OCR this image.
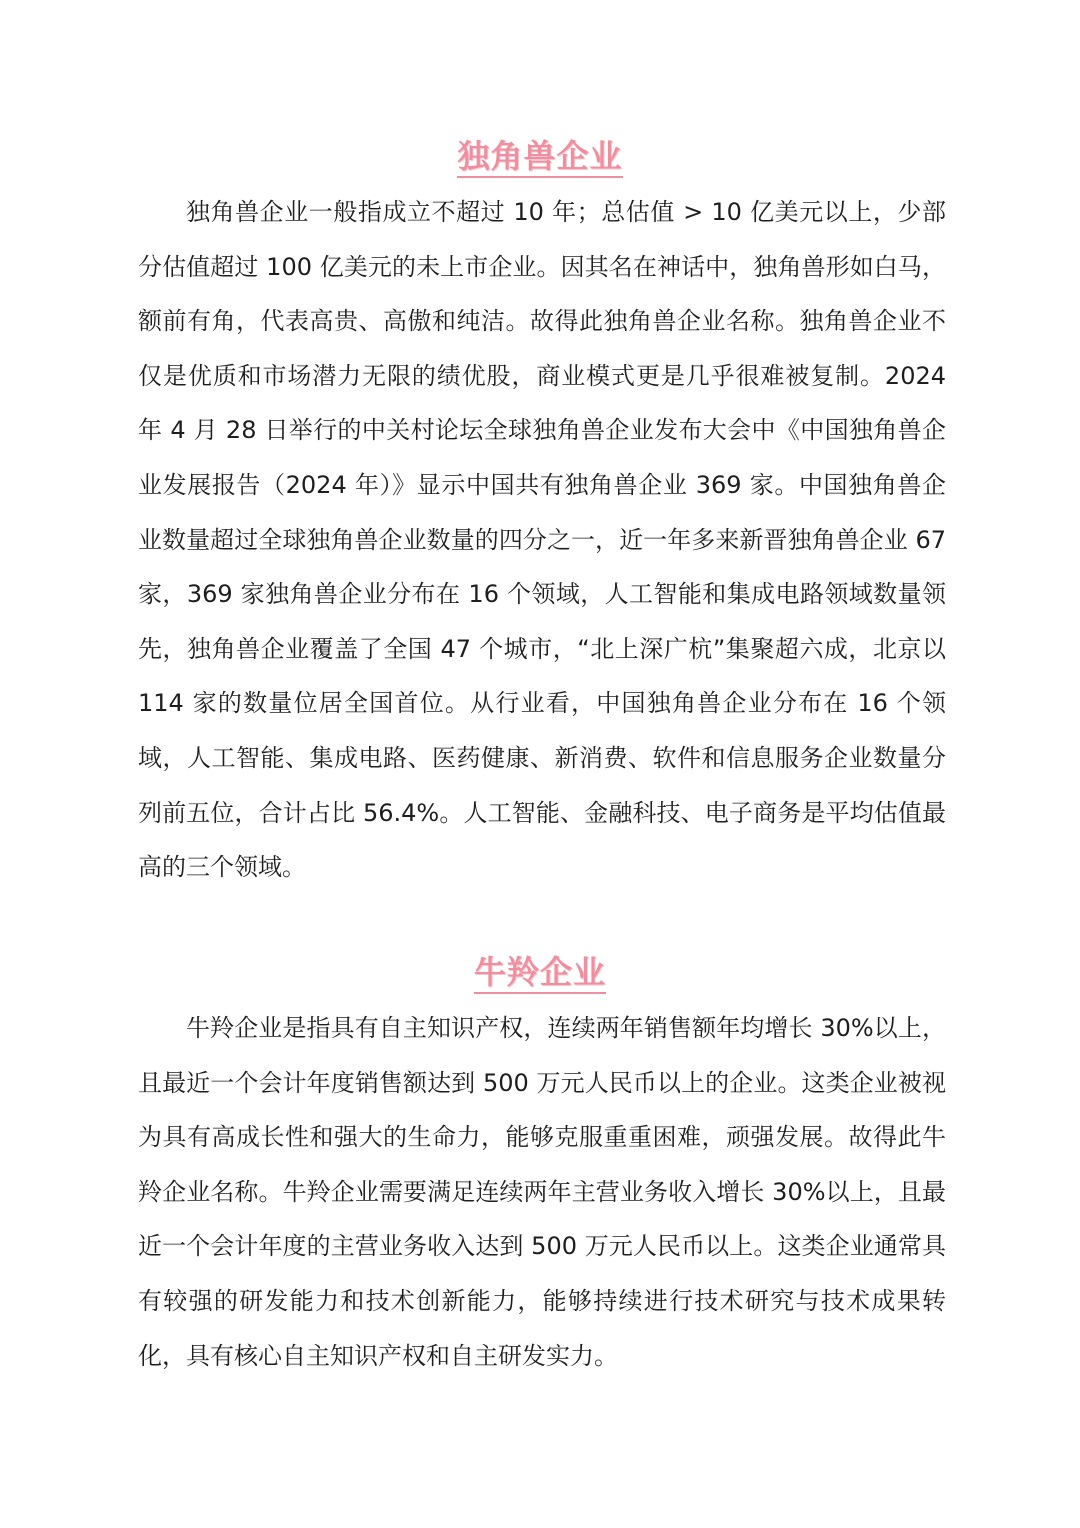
独角兽企业

独角兽企业一般指成立不超过 10 年；总估值 > 10 亿美元以上，少部分估值超过 100 亿美元的未上市企业。因其名在神话中，独角兽形如白马，额前有角，代表高贵、高傲和纯洁。故得此独角兽企业名称。独角兽企业不仅是优质和市场潜力无限的绩优股，商业模式更是几乎很难被复制。2024 年 4 月 28 日举行的中关村论坛全球独角兽企业发布大会中《中国独角兽企业发展报告（2024 年）》显示中国共有独角兽企业 369 家。中国独角兽企业数量超过全球独角兽企业数量的四分之一，近一年多来新晋独角兽企业 67 家，369 家独角兽企业分布在 16 个领域，人工智能和集成电路领域数量领先，独角兽企业覆盖了全国 47 个城市，“北上深广杭”集聚超六成，北京以 114 家的数量位居全国首位。从行业看，中国独角兽企业分布在 16 个领域，人工智能、集成电路、医药健康、新消费、软件和信息服务企业数量分列前五位，合计占比 56.4%。人工智能、金融科技、电子商务是平均估值最高的三个领域。

牛羚企业

牛羚企业是指具有自主知识产权，连续两年销售额年均增长 30%以上，且最近一个会计年度销售额达到 500 万元人民币以上的企业。这类企业被视为具有高成长性和强大的生命力，能够克服重重困难，顽强发展。故得此牛羚企业名称。牛羚企业需要满足连续两年主营业务收入增长 30%以上，且最近一个会计年度的主营业务收入达到 500 万元人民币以上。这类企业通常具有较强的研发能力和技术创新能力，能够持续进行技术研究与技术成果转化，具有核心自主知识产权和自主研发实力。
